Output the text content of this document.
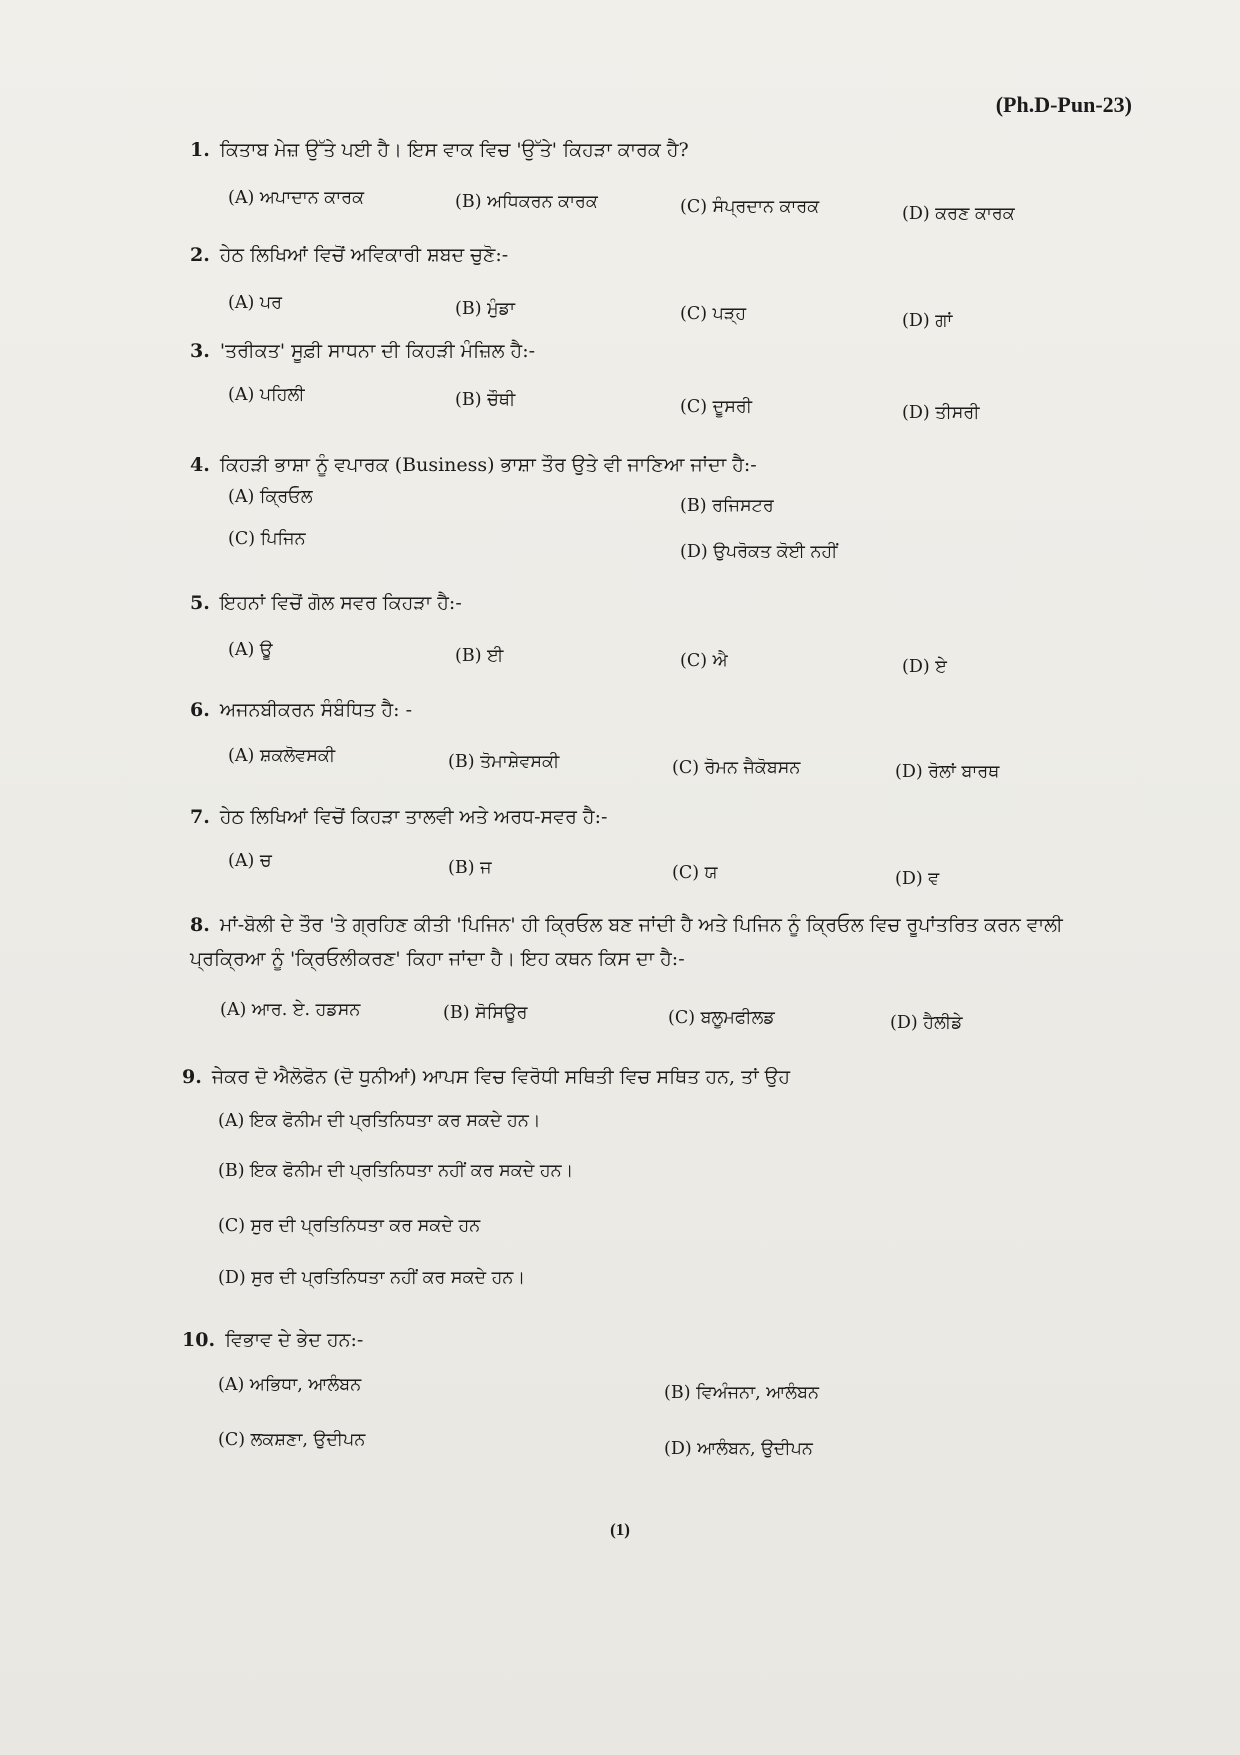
(Ph.D-Pun-23)
1. ਕਿਤਾਬ ਮੇਜ਼ ਉੱਤੇ ਪਈ ਹੈ। ਇਸ ਵਾਕ ਵਿਚ 'ਉੱਤੇ' ਕਿਹੜਾ ਕਾਰਕ ਹੈ?
(A) ਅਪਾਦਾਨ ਕਾਰਕ	(B) ਅਧਿਕਰਨ ਕਾਰਕ	(C) ਸੰਪ੍ਰਦਾਨ ਕਾਰਕ	(D) ਕਰਣ ਕਾਰਕ
2. ਹੇਠ ਲਿਖਿਆਂ ਵਿਚੋਂ ਅਵਿਕਾਰੀ ਸ਼ਬਦ ਚੁਣੋ:-
(A) ਪਰ	(B) ਮੁੰਡਾ	(C) ਪੜ੍ਹ	(D) ਗਾਂ
3. 'ਤਰੀਕਤ' ਸੂਫ਼ੀ ਸਾਧਨਾ ਦੀ ਕਿਹੜੀ ਮੰਜ਼ਿਲ ਹੈ:-
(A) ਪਹਿਲੀ	(B) ਚੌਥੀ	(C) ਦੂਸਰੀ	(D) ਤੀਸਰੀ
4. ਕਿਹੜੀ ਭਾਸ਼ਾ ਨੂੰ ਵਪਾਰਕ (Business) ਭਾਸ਼ਾ ਤੌਰ ਉਤੇ ਵੀ ਜਾਣਿਆ ਜਾਂਦਾ ਹੈ:-
(A) ਕ੍ਰਿਓਲ	(B) ਰਜਿਸਟਰ
(C) ਪਿਜਿਨ
(D) ਉਪਰੋਕਤ ਕੋਈ ਨਹੀਂ
5. ਇਹਨਾਂ ਵਿਚੋਂ ਗੋਲ ਸਵਰ ਕਿਹੜਾ ਹੈ:-
(A) ਊ	(B) ਈ	(C) ਐ	(D) ਏ
6. ਅਜਨਬੀਕਰਨ ਸੰਬੰਧਿਤ ਹੈ: -
(A) ਸ਼ਕਲੋਵਸਕੀ	(B) ਤੋਮਾਸ਼ੇਵਸਕੀ	(C) ਰੋਮਨ ਜੈਕੋਬਸਨ	(D) ਰੋਲਾਂ ਬਾਰਥ
7. ਹੇਠ ਲਿਖਿਆਂ ਵਿਚੋਂ ਕਿਹੜਾ ਤਾਲਵੀ ਅਤੇ ਅਰਧ-ਸਵਰ ਹੈ:-
(A) ਚ	(B) ਜ	(C) ਯ	(D) ਵ
8. ਮਾਂ-ਬੋਲੀ ਦੇ ਤੌਰ 'ਤੇ ਗ੍ਰਹਿਣ ਕੀਤੀ 'ਪਿਜਿਨ' ਹੀ ਕ੍ਰਿਓਲ ਬਣ ਜਾਂਦੀ ਹੈ ਅਤੇ ਪਿਜਿਨ ਨੂੰ ਕ੍ਰਿਓਲ ਵਿਚ ਰੂਪਾਂਤਰਿਤ ਕਰਨ ਵਾਲੀ ਪ੍ਰਕ੍ਰਿਆ ਨੂੰ 'ਕ੍ਰਿਓਲੀਕਰਣ' ਕਿਹਾ ਜਾਂਦਾ ਹੈ। ਇਹ ਕਥਨ ਕਿਸ ਦਾ ਹੈ:-
(A) ਆਰ. ਏ. ਹਡਸਨ	(B) ਸੋਸਿਊਰ	(C) ਬਲੂਮਫੀਲਡ	(D) ਹੈਲੀਡੇ
9. ਜੇਕਰ ਦੋ ਐਲੋਫੋਨ (ਦੋ ਧੁਨੀਆਂ) ਆਪਸ ਵਿਚ ਵਿਰੋਧੀ ਸਥਿਤੀ ਵਿਚ ਸਥਿਤ ਹਨ, ਤਾਂ ਉਹ
(A) ਇਕ ਫੋਨੀਮ ਦੀ ਪ੍ਰਤਿਨਿਧਤਾ ਕਰ ਸਕਦੇ ਹਨ।
(B) ਇਕ ਫੋਨੀਮ ਦੀ ਪ੍ਰਤਿਨਿਧਤਾ ਨਹੀਂ ਕਰ ਸਕਦੇ ਹਨ।
(C) ਸੁਰ ਦੀ ਪ੍ਰਤਿਨਿਧਤਾ ਕਰ ਸਕਦੇ ਹਨ
(D) ਸੁਰ ਦੀ ਪ੍ਰਤਿਨਿਧਤਾ ਨਹੀਂ ਕਰ ਸਕਦੇ ਹਨ।
10. ਵਿਭਾਵ ਦੇ ਭੇਦ ਹਨ:-
(A) ਅਭਿਧਾ, ਆਲੰਬਨ	(B) ਵਿਅੰਜਨਾ, ਆਲੰਬਨ
(C) ਲਕਸ਼ਣਾ, ਉਦੀਪਨ	(D) ਆਲੰਬਨ, ਉਦੀਪਨ
(1)
